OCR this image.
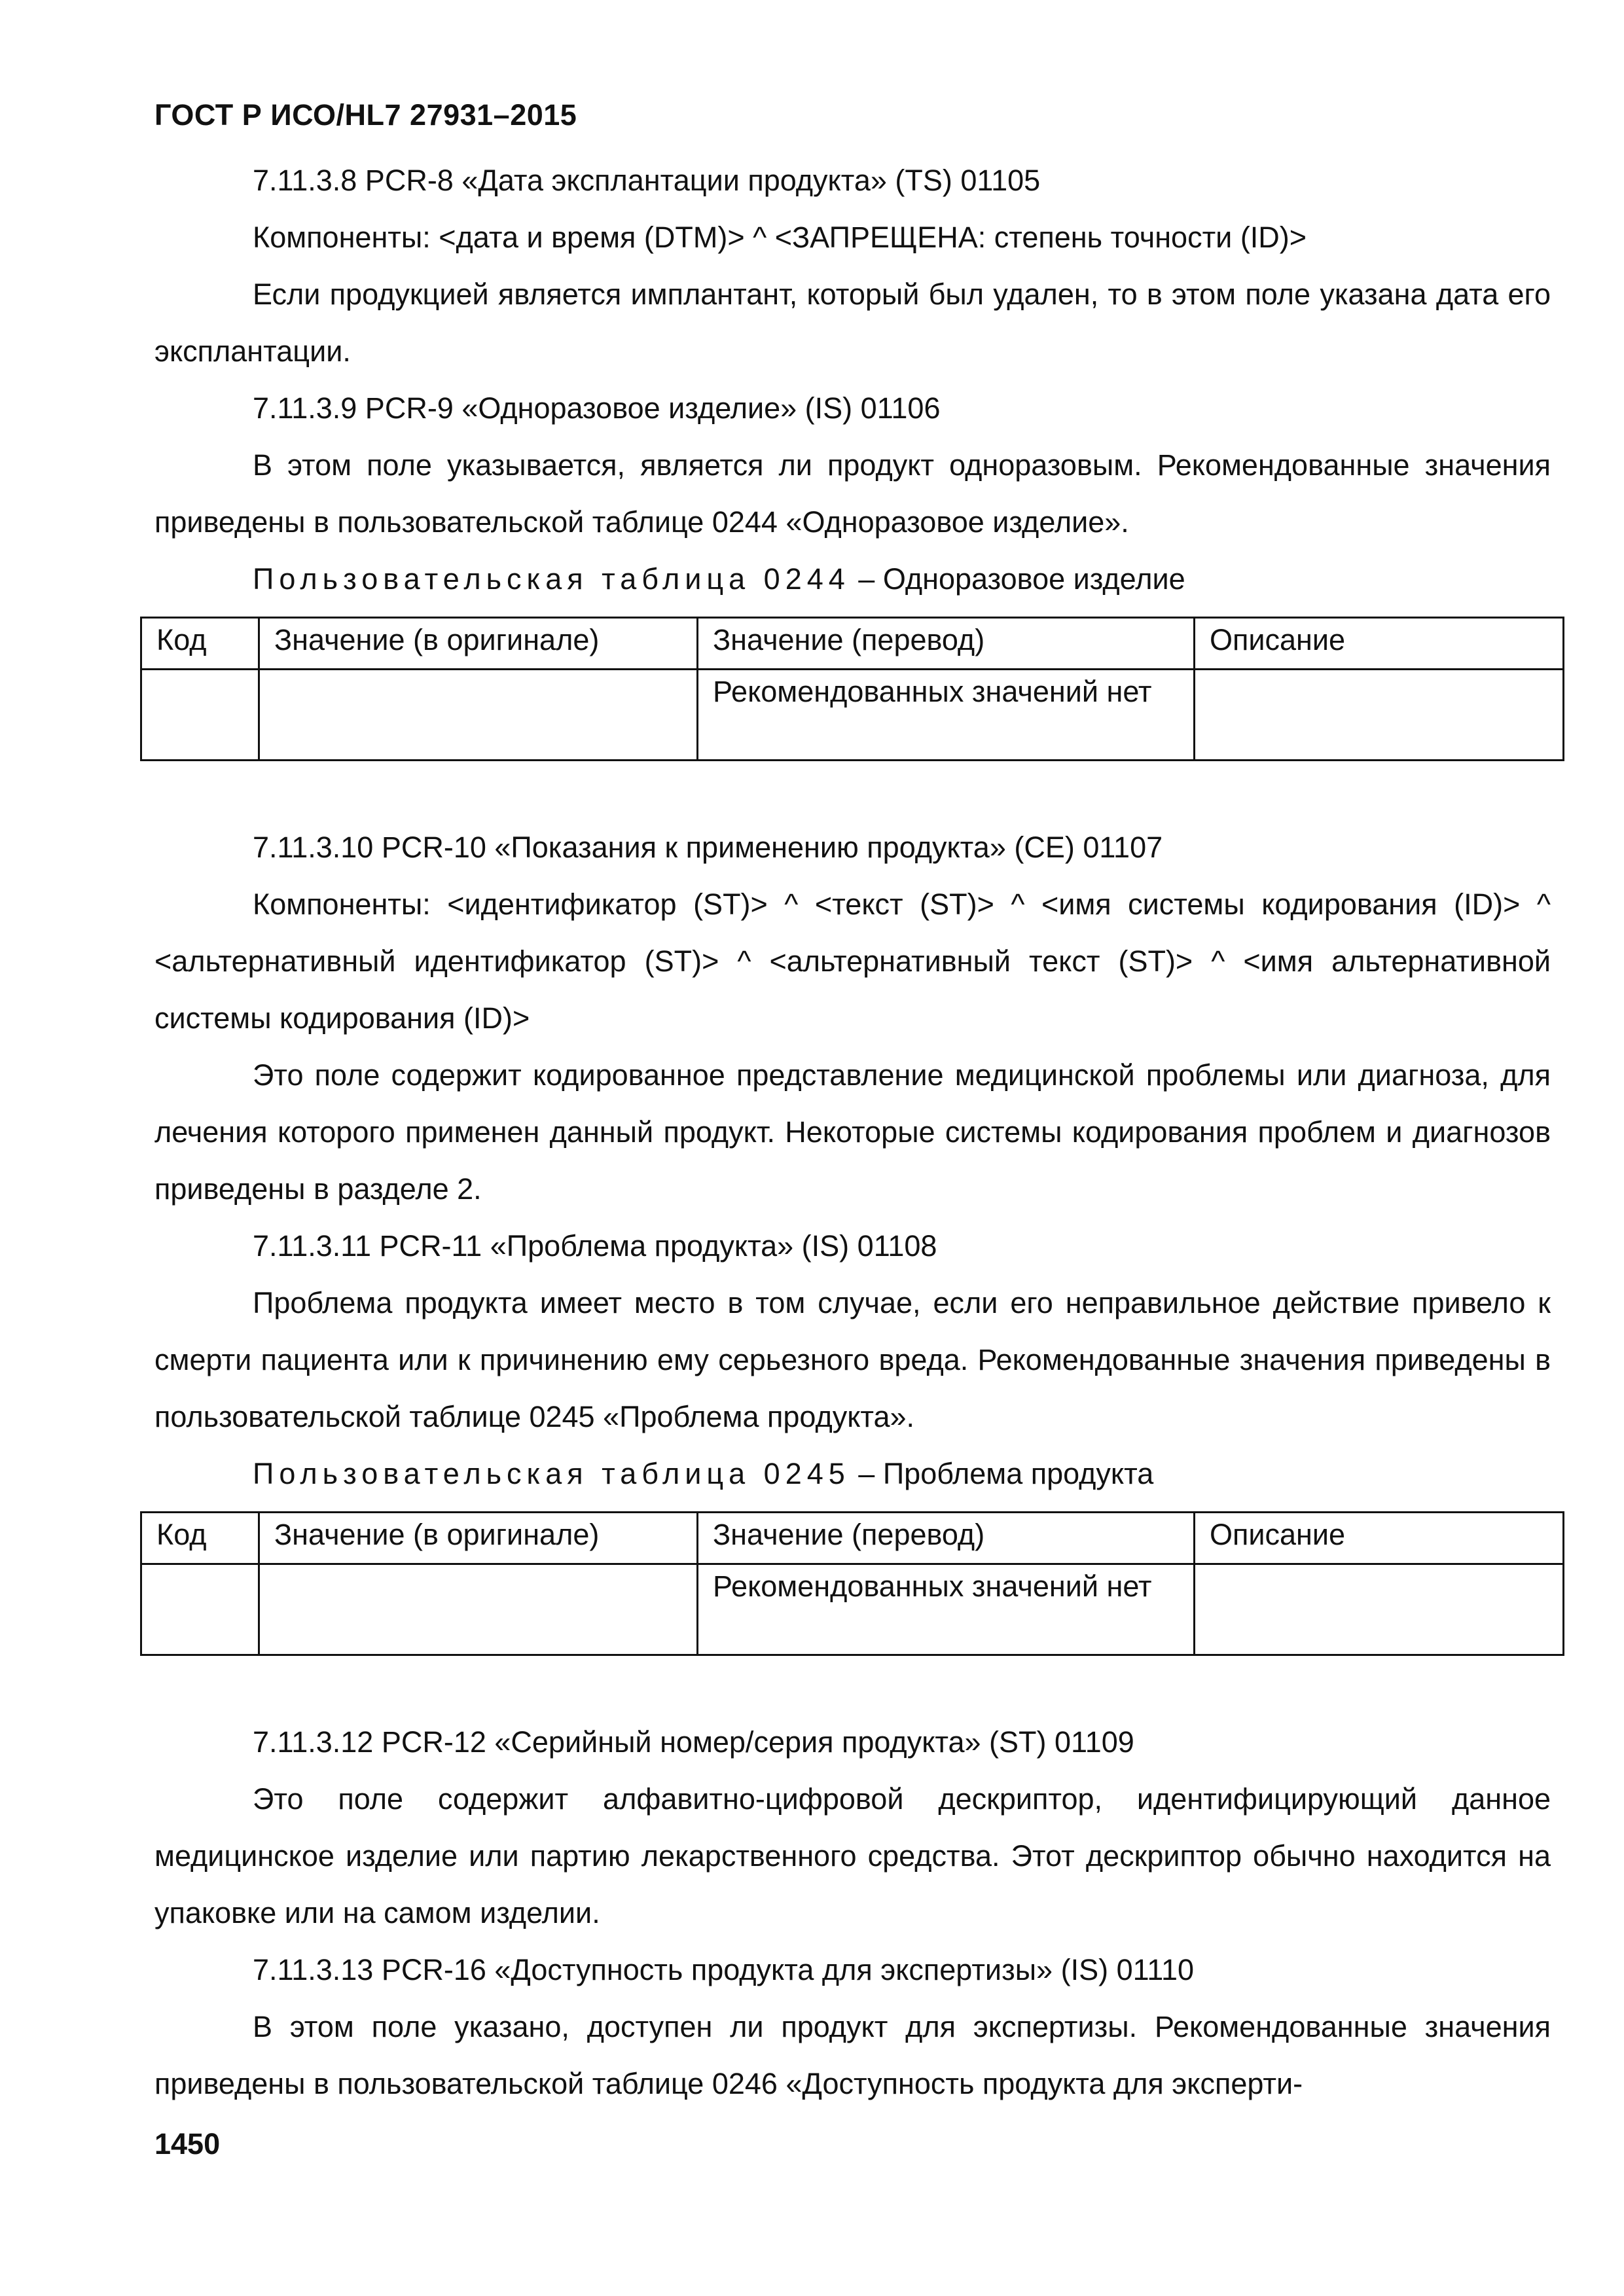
ГОСТ Р ИСО/HL7 27931–2015

7.11.3.8 PCR-8 «Дата эксплантации продукта» (TS) 01105

Компоненты: <дата и время (DTM)> ^ <ЗАПРЕЩЕНА: степень точности (ID)>

Если продукцией является имплантант, который был удален, то в этом поле указана дата его эксплантации.

7.11.3.9 PCR-9 «Одноразовое изделие» (IS) 01106

В этом поле указывается, является ли продукт одноразовым. Рекомендованные значения приведены в пользовательской таблице 0244 «Одноразовое изделие».

Пользовательская таблица 0244 – Одноразовое изделие

Код	Значение (в оригинале)	Значение (перевод)	Описание
		Рекомендованных значений нет	

7.11.3.10 PCR-10 «Показания к применению продукта» (CE) 01107

Компоненты: <идентификатор (ST)> ^ <текст (ST)> ^ <имя системы кодирования (ID)> ^ <альтернативный идентификатор (ST)> ^ <альтернативный текст (ST)> ^ <имя альтернативной системы кодирования (ID)>

Это поле содержит кодированное представление медицинской проблемы или диагноза, для лечения которого применен данный продукт. Некоторые системы кодирования проблем и диагнозов приведены в разделе 2.

7.11.3.11 PCR-11 «Проблема продукта» (IS) 01108

Проблема продукта имеет место в том случае, если его неправильное действие привело к смерти пациента или к причинению ему серьезного вреда. Рекомендованные значения приведены в пользовательской таблице 0245 «Проблема продукта».

Пользовательская таблица 0245 – Проблема продукта

Код	Значение (в оригинале)	Значение (перевод)	Описание
		Рекомендованных значений нет	

7.11.3.12 PCR-12 «Серийный номер/серия продукта» (ST) 01109

Это поле содержит алфавитно-цифровой дескриптор, идентифицирующий данное медицинское изделие или партию лекарственного средства. Этот дескриптор обычно находится на упаковке или на самом изделии.

7.11.3.13 PCR-16 «Доступность продукта для экспертизы» (IS) 01110

В этом поле указано, доступен ли продукт для экспертизы. Рекомендованные значения приведены в пользовательской таблице 0246 «Доступность продукта для эксперти-

1450
